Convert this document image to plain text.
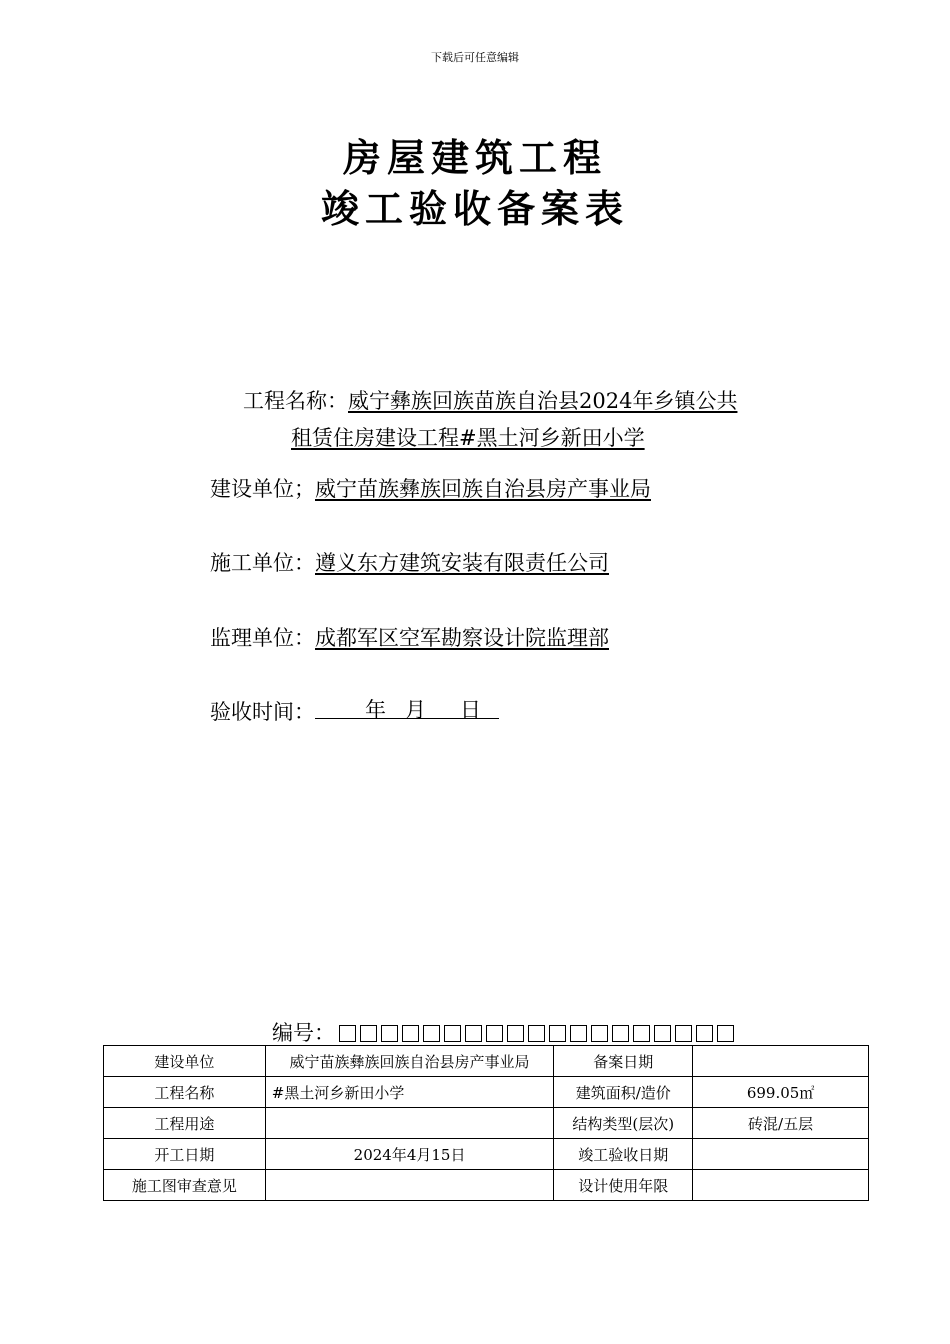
下载后可任意编辑
房屋建筑工程
竣工验收备案表
工程名称：威宁彝族回族苗族自治县2024年乡镇公共
租赁住房建设工程#黑土河乡新田小学
建设单位；威宁苗族彝族回族自治县房产事业局
施工单位：遵义东方建筑安装有限责任公司
监理单位：成都军区空军勘察设计院监理部
验收时间： 年 月 日
编号：
建设单位	威宁苗族彝族回族自治县房产事业局	备案日期	
工程名称	#黑土河乡新田小学	建筑面积/造价	699.05㎡
工程用途		结构类型(层次)	砖混/五层
开工日期	2024年4月15日	竣工验收日期	
施工图审查意见		设计使用年限	
